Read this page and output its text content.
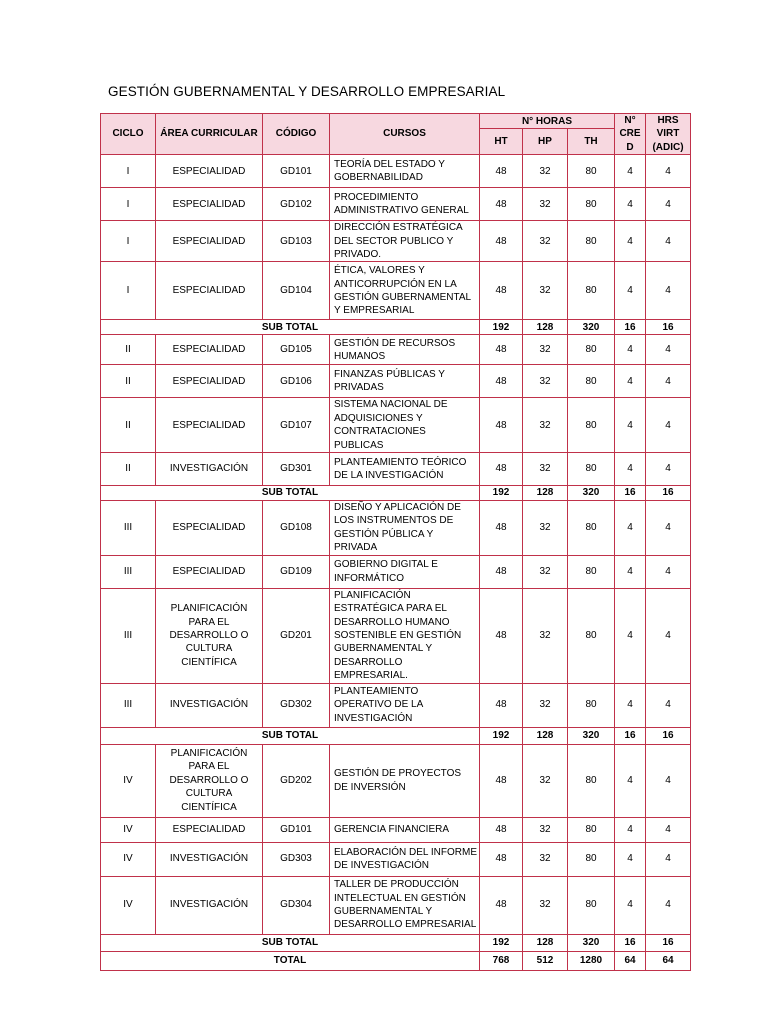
GESTIÓN GUBERNAMENTAL Y DESARROLLO EMPRESARIAL
CICLO	ÁREA CURRICULAR	CÓDIGO	CURSOS	N° HORAS			N° CRE D	HRS VIRT (ADIC)
				HT	HP	TH		
I	ESPECIALIDAD	GD101	TEORÍA DEL ESTADO Y GOBERNABILIDAD	48	32	80	4	4
I	ESPECIALIDAD	GD102	PROCEDIMIENTO ADMINISTRATIVO GENERAL	48	32	80	4	4
I	ESPECIALIDAD	GD103	DIRECCIÓN ESTRATÉGICA DEL SECTOR PUBLICO Y PRIVADO.	48	32	80	4	4
I	ESPECIALIDAD	GD104	ÉTICA, VALORES Y ANTICORRUPCIÓN EN LA GESTIÓN GUBERNAMENTAL Y EMPRESARIAL	48	32	80	4	4
SUB TOTAL				192	128	320	16	16
II	ESPECIALIDAD	GD105	GESTIÓN DE RECURSOS HUMANOS	48	32	80	4	4
II	ESPECIALIDAD	GD106	FINANZAS PÚBLICAS Y PRIVADAS	48	32	80	4	4
II	ESPECIALIDAD	GD107	SISTEMA NACIONAL DE ADQUISICIONES Y CONTRATACIONES PUBLICAS	48	32	80	4	4
II	INVESTIGACIÓN	GD301	PLANTEAMIENTO TEÓRICO DE LA INVESTIGACIÓN	48	32	80	4	4
SUB TOTAL				192	128	320	16	16
III	ESPECIALIDAD	GD108	DISEÑO Y APLICACIÓN DE LOS INSTRUMENTOS DE GESTIÓN PÚBLICA Y PRIVADA	48	32	80	4	4
III	ESPECIALIDAD	GD109	GOBIERNO DIGITAL E INFORMÁTICO	48	32	80	4	4
III	PLANIFICACIÓN PARA EL DESARROLLO O CULTURA CIENTÍFICA	GD201	PLANIFICACIÓN ESTRATÉGICA PARA EL DESARROLLO HUMANO SOSTENIBLE EN GESTIÓN GUBERNAMENTAL Y DESARROLLO EMPRESARIAL.	48	32	80	4	4
III	INVESTIGACIÓN	GD302	PLANTEAMIENTO OPERATIVO DE LA INVESTIGACIÓN	48	32	80	4	4
SUB TOTAL				192	128	320	16	16
IV	PLANIFICACIÓN PARA EL DESARROLLO O CULTURA CIENTÍFICA	GD202	GESTIÓN DE PROYECTOS DE INVERSIÓN	48	32	80	4	4
IV	ESPECIALIDAD	GD101	GERENCIA FINANCIERA	48	32	80	4	4
IV	INVESTIGACIÓN	GD303	ELABORACIÓN DEL INFORME DE INVESTIGACIÓN	48	32	80	4	4
IV	INVESTIGACIÓN	GD304	TALLER DE PRODUCCIÓN INTELECTUAL EN GESTIÓN GUBERNAMENTAL Y DESARROLLO EMPRESARIAL	48	32	80	4	4
SUB TOTAL				192	128	320	16	16
TOTAL				768	512	1280	64	64
